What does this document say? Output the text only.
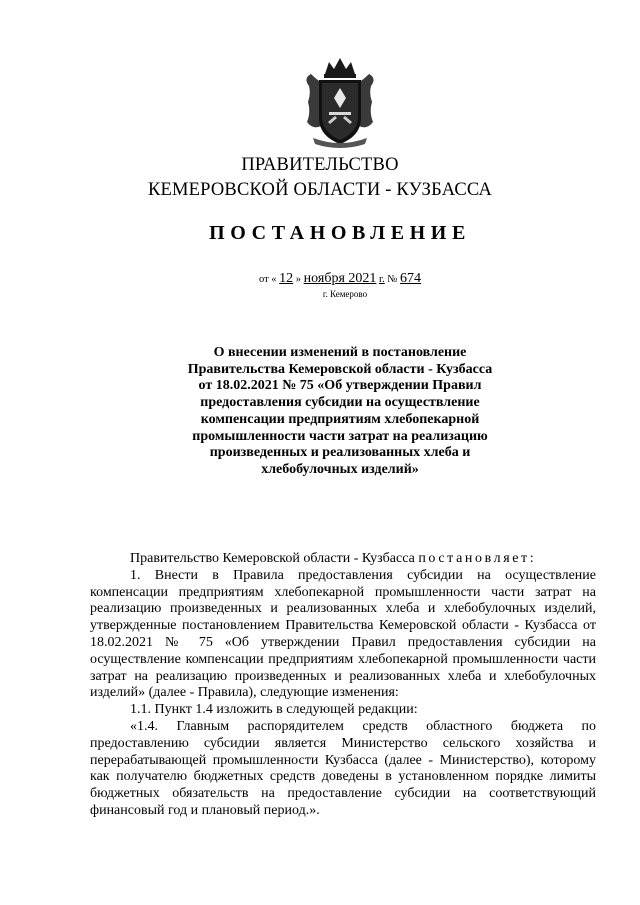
ПРАВИТЕЛЬСТВО
КЕМЕРОВСКОЙ ОБЛАСТИ - КУЗБАССА
ПОСТАНОВЛЕНИЕ
от « 12 » ноября 2021 г. № 674
г. Кемерово
О внесении изменений в постановление
Правительства Кемеровской области - Кузбасса
от 18.02.2021 № 75 «Об утверждении Правил
предоставления субсидии на осуществление
компенсации предприятиям хлебопекарной
промышленности части затрат на реализацию
произведенных и реализованных хлеба и
хлебобулочных изделий»

Правительство Кемеровской области - Кузбасса постановляет:

1. Внести в Правила предоставления субсидии на осуществление компенсации предприятиям хлебопекарной промышленности части затрат на реализацию произведенных и реализованных хлеба и хлебобулочных изделий, утвержденные постановлением Правительства Кемеровской области - Кузбасса от 18.02.2021 № 75 «Об утверждении Правил предоставления субсидии на осуществление компенсации предприятиям хлебопекарной промышленности части затрат на реализацию произведенных и реализованных хлеба и хлебобулочных изделий» (далее - Правила), следующие изменения:

1.1. Пункт 1.4 изложить в следующей редакции:

«1.4. Главным распорядителем средств областного бюджета по предоставлению субсидии является Министерство сельского хозяйства и перерабатывающей промышленности Кузбасса (далее - Министерство), которому как получателю бюджетных средств доведены в установленном порядке лимиты бюджетных обязательств на предоставление субсидии на соответствующий финансовый год и плановый период.».
